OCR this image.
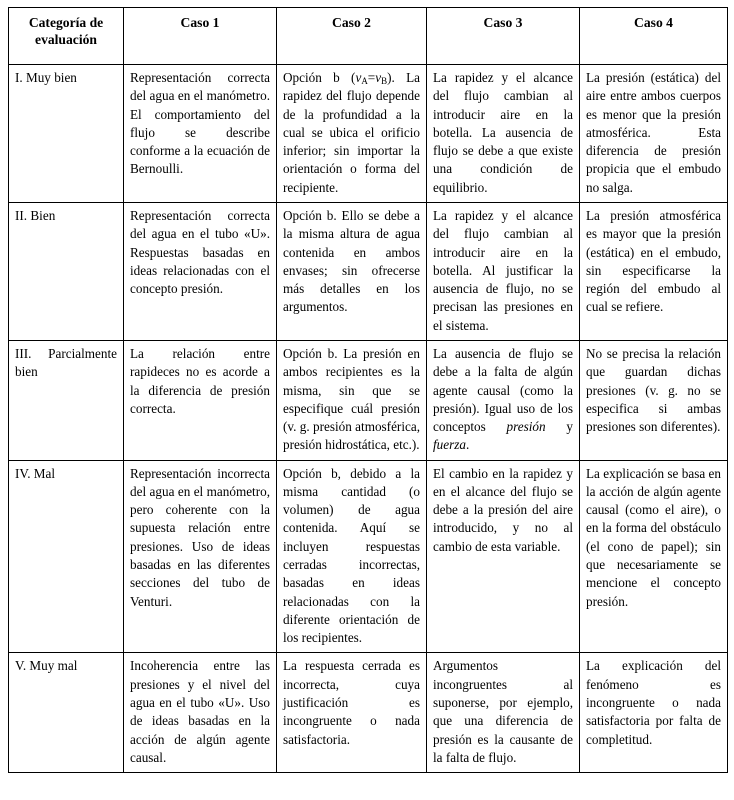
Categoría de evaluación	Caso 1	Caso 2	Caso 3	Caso 4
I. Muy bien	Representación correcta del agua en el manómetro. El comportamiento del flujo se describe conforme a la ecuación de Bernoulli.	Opción b $(v_A=v_B)$. La rapidez del flujo depende de la profundidad a la cual se ubica el orificio inferior; sin importar la orientación o forma del recipiente.	La rapidez y el alcance del flujo cambian al introducir aire en la botella. La ausencia de flujo se debe a que existe una condición de equilibrio.	La presión (estática) del aire entre ambos cuerpos es menor que la presión atmosférica. Esta diferencia de presión propicia que el embudo no salga.
II. Bien	Representación correcta del agua en el tubo «U». Respuestas basadas en ideas relacionadas con el concepto presión.	Opción b. Ello se debe a la misma altura de agua contenida en ambos envases; sin ofrecerse más detalles en los argumentos.	La rapidez y el alcance del flujo cambian al introducir aire en la botella. Al justificar la ausencia de flujo, no se precisan las presiones en el sistema.	La presión atmosférica es mayor que la presión (estática) en el embudo, sin especificarse la región del embudo al cual se refiere.
III. Parcialmente bien	La relación entre rapideces no es acorde a la diferencia de presión correcta.	Opción b. La presión en ambos recipientes es la misma, sin que se especifique cuál presión (v. g. presión atmosférica, presión hidrostática, etc.).	La ausencia de flujo se debe a la falta de algún agente causal (como la presión). Igual uso de los conceptos presión y fuerza.	No se precisa la relación que guardan dichas presiones (v. g. no se especifica si ambas presiones son diferentes).
IV. Mal	Representación incorrecta del agua en el manómetro, pero coherente con la supuesta relación entre presiones. Uso de ideas basadas en las diferentes secciones del tubo de Venturi.	Opción b, debido a la misma cantidad (o volumen) de agua contenida. Aquí se incluyen respuestas cerradas incorrectas, basadas en ideas relacionadas con la diferente orientación de los recipientes.	El cambio en la rapidez y en el alcance del flujo se debe a la presión del aire introducido, y no al cambio de esta variable.	La explicación se basa en la acción de algún agente causal (como el aire), o en la forma del obstáculo (el cono de papel); sin que necesariamente se mencione el concepto presión.
V. Muy mal	Incoherencia entre las presiones y el nivel del agua en el tubo «U». Uso de ideas basadas en la acción de algún agente causal.	La respuesta cerrada es incorrecta, cuya justificación es incongruente o nada satisfactoria.	Argumentos incongruentes al suponerse, por ejemplo, que una diferencia de presión es la causante de la falta de flujo.	La explicación del fenómeno es incongruente o nada satisfactoria por falta de completitud.
